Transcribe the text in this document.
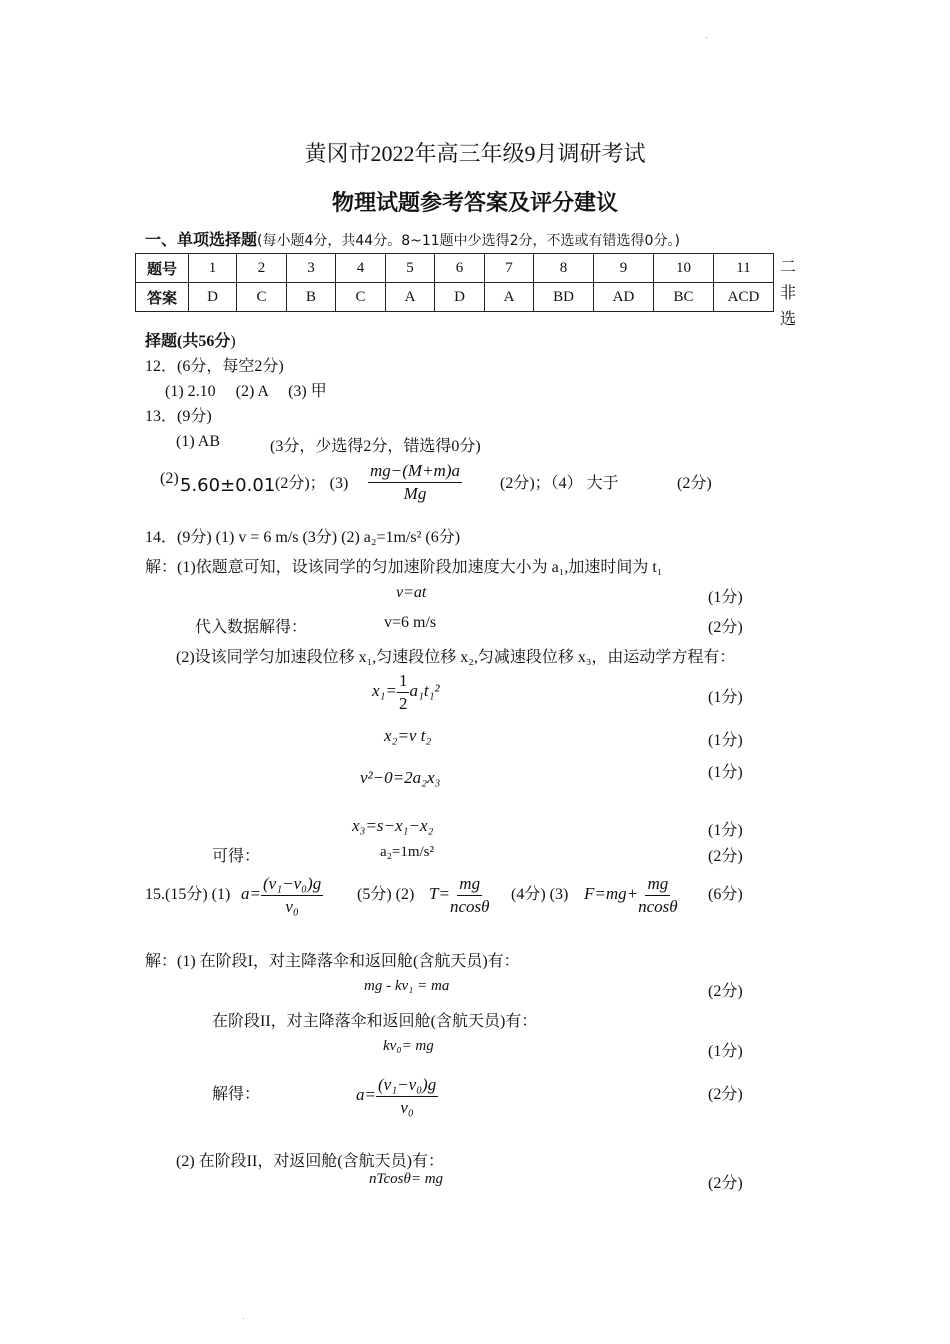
黄冈市2022年高三年级9月调研考试
物理试题参考答案及评分建议
一、单项选择题(每小题4分，共44分。8~11题中少选得2分，不选或有错选得0分。)
题号	1	2	3	4	5	6	7	8	9	10	11
答案	D	C	B	C	A	D	A	BD	AD	BC	ACD
二
非
选
择题(共56分)
12．(6分，每空2分)
(1) 2.10     (2) A     (3) 甲
13．(9分)
(1) AB	(3分，少选得2分，错选得0分)
(2) 5.60±0.01 (2分)； $(3) \frac{mg-(M+m)a}{Mg} (2$分)；（4） 大于	(2分)
14．(9分) (1) v = 6 m/s (3分) (2) a₂=1m/s² (6分)
解：(1)依题意可知，设该同学的匀加速阶段加速度大小为 a₁,加速时间为 t₁
v=at	(1分)
代入数据解得：	v=6 m/s	(2分)
(2)设该同学匀加速段位移 x₁,匀速段位移 x₂,匀减速段位移 x₃，由运动学方程有：
$x_1= \frac{1}{2} a_1t_1^2$	(1分)
x₂=v t₂	(1分)
v²−0=2a₂x₃	(1分)
x₃=s−x₁−x₂	(1分)
可得：	a₂=1m/s²	(2分)
15.(15分) (1) $a= \frac{\text{(v₁−v₀)g}}{\text{v₀}} (5$分) (2) $T= \frac{mg}{ncos\theta} (4$分) (3) $F=mg+ \frac{mg}{ncos\theta} (6$分)
解：(1) 在阶段I，对主降落伞和返回舱(含航天员)有：
mg - kv₁ = ma	(2分)
在阶段II，对主降落伞和返回舱(含航天员)有：
kv₀= mg	(1分)
解得：	$a= \frac{\text{(v₁−v₀)g}}{\text{v₀}}$	(2分)
(2) 在阶段II，对返回舱(含航天员)有：
nTcosθ= mg	(2分)
